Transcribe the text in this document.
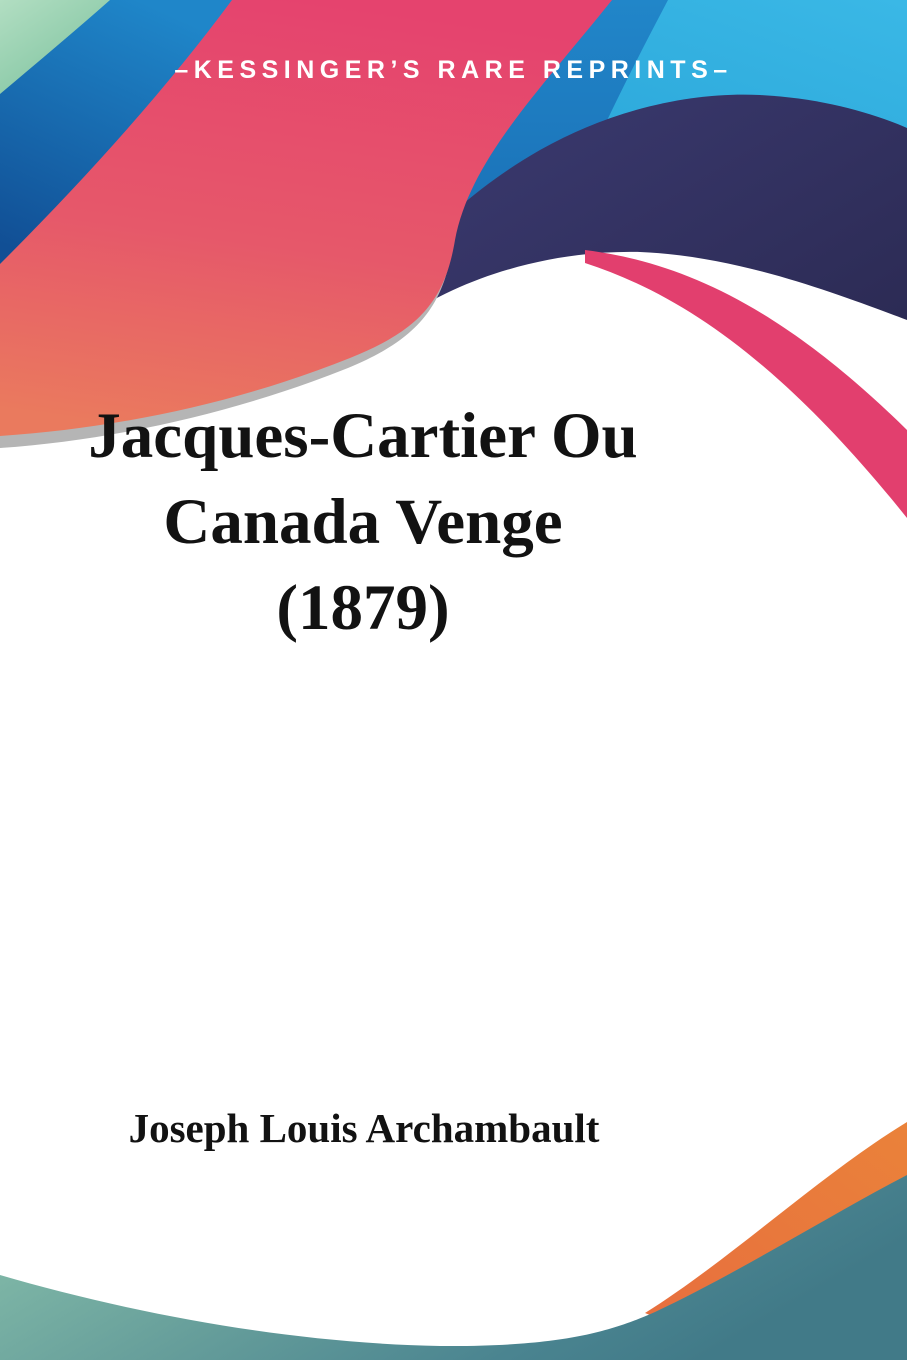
–KESSINGER’S RARE REPRINTS–
Jacques-Cartier Ou
Canada Venge
(1879)
Joseph Louis Archambault
